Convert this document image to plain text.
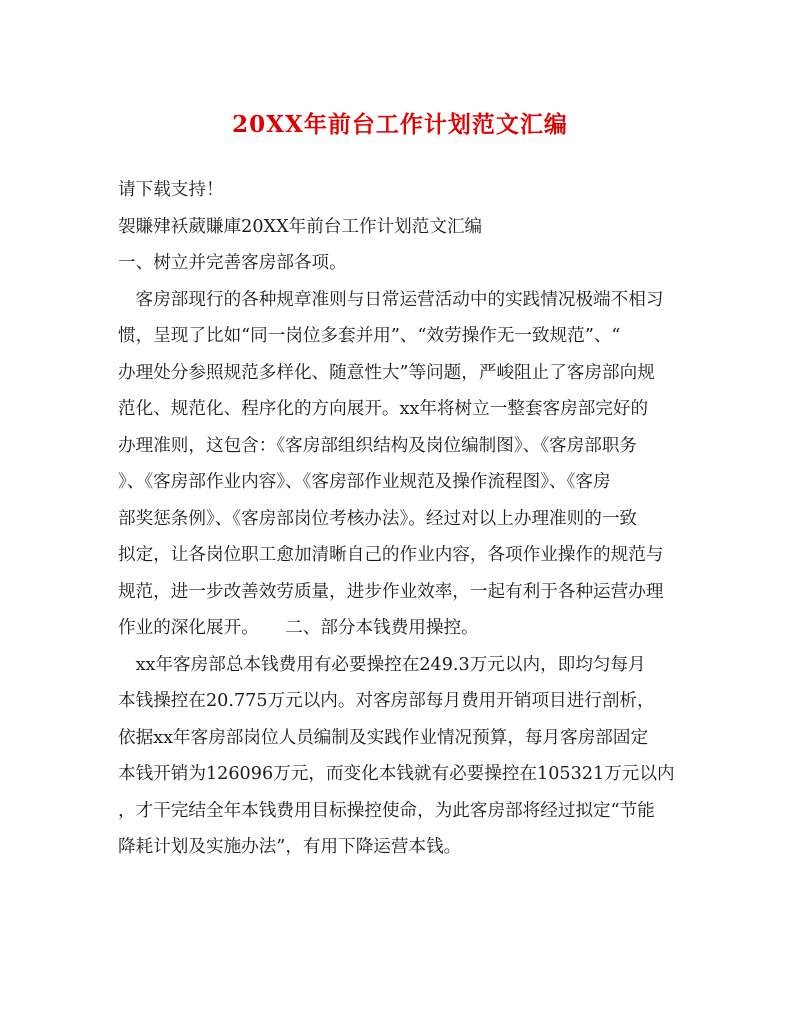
20XX年前台工作计划范文汇编
请下载支持！
袈賺肂袄葳賺庫20XX年前台工作计划范文汇编
一、树立并完善客房部各项。
　客房部现行的各种规章准则与日常运营活动中的实践情况极端不相习
惯，呈现了比如“同一岗位多套并用”、“效劳操作无一致规范”、“
办理处分参照规范多样化、随意性大”等问题，严峻阻止了客房部向规
范化、规范化、程序化的方向展开。xx年将树立一整套客房部完好的
办理准则，这包含：《客房部组织结构及岗位编制图》、《客房部职务
》、《客房部作业内容》、《客房部作业规范及操作流程图》、《客房
部奖惩条例》、《客房部岗位考核办法》。经过对以上办理准则的一致
拟定，让各岗位职工愈加清晰自己的作业内容，各项作业操作的规范与
规范，进一步改善效劳质量，进步作业效率，一起有利于各种运营办理
作业的深化展开。　　二、部分本钱费用操控。
　xx年客房部总本钱费用有必要操控在249.3万元以内，即均匀每月
本钱操控在20.775万元以内。对客房部每月费用开销项目进行剖析，
依据xx年客房部岗位人员编制及实践作业情况预算，每月客房部固定
本钱开销为126096万元，而变化本钱就有必要操控在105321万元以内
，才干完结全年本钱费用目标操控使命，为此客房部将经过拟定“节能
降耗计划及实施办法”，有用下降运营本钱。
